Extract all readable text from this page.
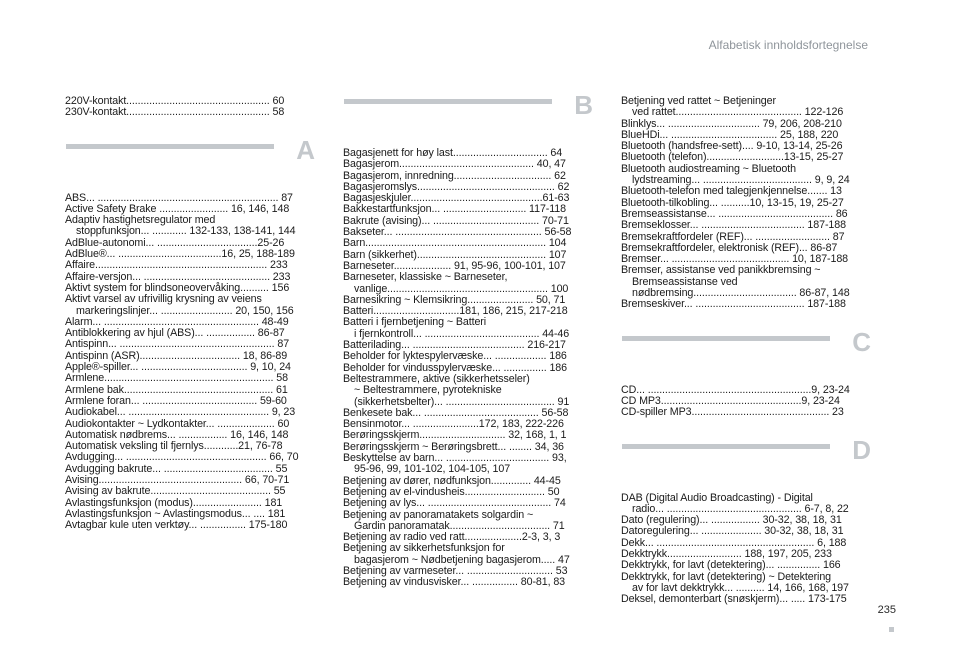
Alfabetisk innholdsfortegnelse
220V-kontakt.................................................. 60
230V-kontakt.................................................. 58
A
ABS... ............................................................... 87
Active Safety Brake ........................ 16, 146, 148
Adaptiv hastighetsregulator med
stoppfunksjon... ............ 132-133, 138-141, 144
AdBlue-autonomi... ...................................25-26
AdBlue®... ....................................16, 25, 188-189
Affaire............................................................ 233
Affaire-versjon... ............................................ 233
Aktivt system for blindsoneovervåking.......... 156
Aktivt varsel av ufrivillig krysning av veiens
markeringslinjer... ......................... 20, 150, 156
Alarm... ...................................................... 48-49
Antiblokkering av hjul (ABS)... ................. 86-87
Antispinn... ...................................................... 87
Antispinn (ASR)................................... 18, 86-89
Apple®-spiller... ..................................... 9, 10, 24
Armlene........................................................... 58
Armlene bak.................................................... 61
Armlene foran... ........................................ 59-60
Audiokabel... ................................................. 9, 23
Audiokontakter ~ Lydkontakter... .................... 60
Automatisk nødbrems... ................. 16, 146, 148
Automatisk veksling til fjernlys............21, 76-78
Avdugging... ................................................. 66, 70
Avdugging bakrute... ...................................... 55
Avising.................................................. 66, 70-71
Avising av bakrute.......................................... 55
Avlastingsfunksjon (modus)........................ 181
Avlastingsfunksjon ~ Avlastingsmodus... .... 181
Avtagbar kule uten verktøy... ................ 175-180
B
Bagasjenett for høy last................................. 64
Bagasjerom............................................... 40, 47
Bagasjerom, innredning.................................. 62
Bagasjeromslys................................................ 62
Bagasjeskjuler..............................................61-63
Bakkestartfunksjon... ............................. 117-118
Bakrute (avising)... ..................................... 70-71
Bakseter... ................................................... 56-58
Barn............................................................... 104
Barn (sikkerhet)............................................. 107
Barneseter.................... 91, 95-96, 100-101, 107
Barneseter, klassiske ~ Barneseter,
vanlige........................................................ 100
Barnesikring ~ Klemsikring....................... 50, 71
Batteri..............................181, 186, 215, 217-218
Batteri i fjernbetjening ~ Batteri
i fjernkontroll... ........................................ 44-46
Batterilading... ....................................... 216-217
Beholder for lyktespylervæske... .................. 186
Beholder for vindusspylervæske... ............... 186
Beltestrammere, aktive (sikkerhetsseler)
~ Beltestrammere, pyrotekniske
(sikkerhetsbelter)... ...................................... 91
Benkesete bak... ........................................ 56-58
Bensinmotor... .......................172, 183, 222-226
Berøringsskjerm.............................. 32, 168, 1, 1
Berøringsskjerm ~ Berøringsbrett... ........ 34, 36
Beskyttelse av barn... .................................... 93,
95-96, 99, 101-102, 104-105, 107
Betjening av dører, nødfunksjon.............. 44-45
Betjening av el-vindusheis............................ 50
Betjening av lys... ........................................... 74
Betjening av panoramatakets solgardin ~
Gardin panoramatak................................... 71
Betjening av radio ved ratt....................2-3, 3, 3
Betjening av sikkerhetsfunksjon for
bagasjerom ~ Nødbetjening bagasjerom..... 47
Betjening av varmeseter... .............................. 53
Betjening av vindusvisker... ................ 80-81, 83
Betjening ved rattet ~ Betjeninger
ved rattet............................................ 122-126
Blinklys... ................................ 79, 206, 208-210
BlueHDi... ..................................... 25, 188, 220
Bluetooth (handsfree-sett).... 9-10, 13-14, 25-26
Bluetooth (telefon)...........................13-15, 25-27
Bluetooth audiostreaming ~ Bluetooth
lydstreaming... ...................................... 9, 9, 24
Bluetooth-telefon med talegjenkjennelse....... 13
Bluetooth-tilkobling... ..........10, 13-15, 19, 25-27
Bremseassistanse... ........................................ 86
Bremseklosser... .................................... 187-188
Bremsekraftfordeler (REF)... .......................... 87
Bremsekraftfordeler, elektronisk (REF)... 86-87
Bremser... ......................................... 10, 187-188
Bremser, assistanse ved panikkbremsing ~
Bremseassistanse ved
nødbremsing.................................... 86-87, 148
Bremseskiver... ...................................... 187-188
C
CD... .........................................................9, 23-24
CD MP3.................................................9, 23-24
CD-spiller MP3................................................ 23
D
DAB (Digital Audio Broadcasting) - Digital
radio... ............................................... 6-7, 8, 22
Dato (regulering)... ................. 30-32, 38, 18, 31
Datoregulering... ..................... 30-32, 38, 18, 31
Dekk... ....................................................... 6, 188
Dekktrykk.......................... 188, 197, 205, 233
Dekktrykk, for lavt (detektering)... ............... 166
Dekktrykk, for lavt (detektering) ~ Detektering
av for lavt dekktrykk... .......... 14, 166, 168, 197
Deksel, demonterbart (snøskjerm)... ..... 173-175
235
